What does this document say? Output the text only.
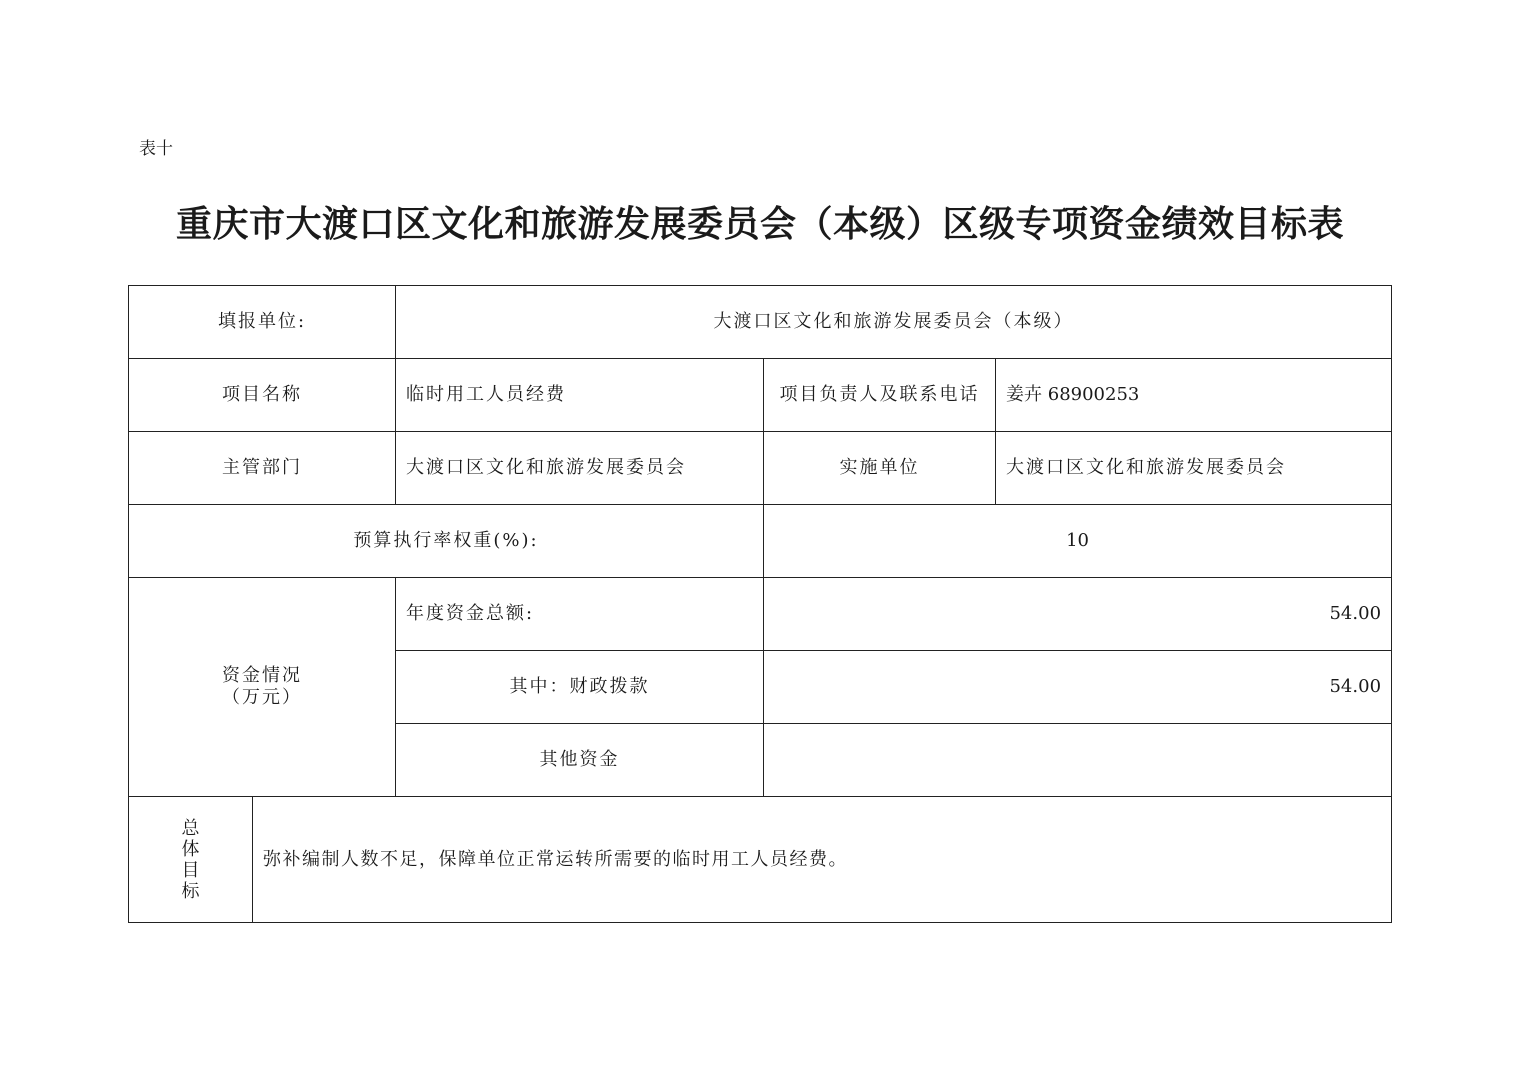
表十
重庆市大渡口区文化和旅游发展委员会（本级）区级专项资金绩效目标表
填报单位:		大渡口区文化和旅游发展委员会（本级）		
项目名称		临时用工人员经费	项目负责人及联系电话	姜卉 68900253
主管部门		大渡口区文化和旅游发展委员会	实施单位	大渡口区文化和旅游发展委员会
预算执行率权重(%):			10	

资金情况
（万元）		年度资金总额:	54.00	
		其中：财政拨款	54.00	
		其他资金		

总体目标	弥补编制人数不足，保障单位正常运转所需要的临时用工人员经费。			
